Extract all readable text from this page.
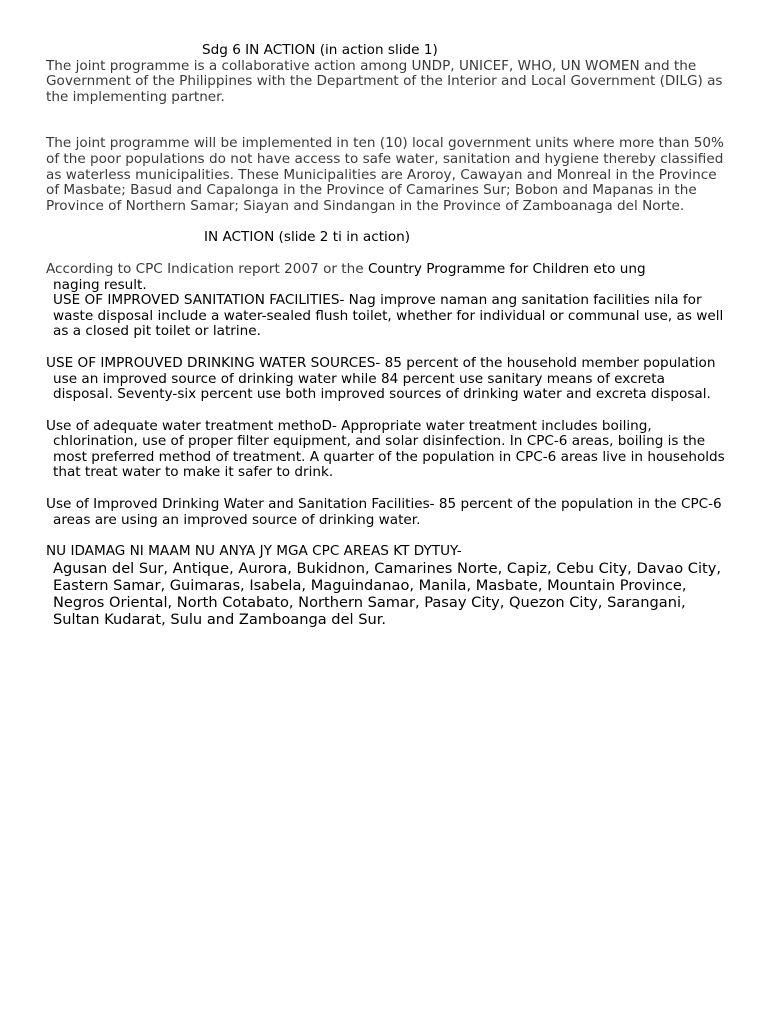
Sdg 6 IN ACTION (in action slide 1)

The joint programme is a collaborative action among UNDP, UNICEF, WHO, UN WOMEN and the Government of the Philippines with the Department of the Interior and Local Government (DILG) as the implementing partner.

The joint programme will be implemented in ten (10) local government units where more than 50% of the poor populations do not have access to safe water, sanitation and hygiene thereby classified as waterless municipalities. These Municipalities are Aroroy, Cawayan and Monreal in the Province of Masbate; Basud and Capalonga in the Province of Camarines Sur; Bobon and Mapanas in the Province of Northern Samar; Siayan and Sindangan in the Province of Zamboanaga del Norte.

IN ACTION (slide 2 ti in action)

According to CPC Indication report 2007 or the Country Programme for Children eto ung

naging result.

USE OF IMPROVED SANITATION FACILITIES- Nag improve naman ang sanitation facilities nila for waste disposal include a water-sealed flush toilet, whether for individual or communal use, as well as a closed pit toilet or latrine.

USE OF IMPROUVED DRINKING WATER SOURCES- 85 percent of the household member population use an improved source of drinking water while 84 percent use sanitary means of excreta disposal. Seventy-six percent use both improved sources of drinking water and excreta disposal.

Use of adequate water treatment methoD- Appropriate water treatment includes boiling, chlorination, use of proper filter equipment, and solar disinfection. In CPC-6 areas, boiling is the most preferred method of treatment. A quarter of the population in CPC-6 areas live in households that treat water to make it safer to drink.

Use of Improved Drinking Water and Sanitation Facilities- 85 percent of the population in the CPC-6 areas are using an improved source of drinking water.

NU IDAMAG NI MAAM NU ANYA JY MGA CPC AREAS KT DYTUY-

Agusan del Sur, Antique, Aurora, Bukidnon, Camarines Norte, Capiz, Cebu City, Davao City, Eastern Samar, Guimaras, Isabela, Maguindanao, Manila, Masbate, Mountain Province, Negros Oriental, North Cotabato, Northern Samar, Pasay City, Quezon City, Sarangani, Sultan Kudarat, Sulu and Zamboanga del Sur.
